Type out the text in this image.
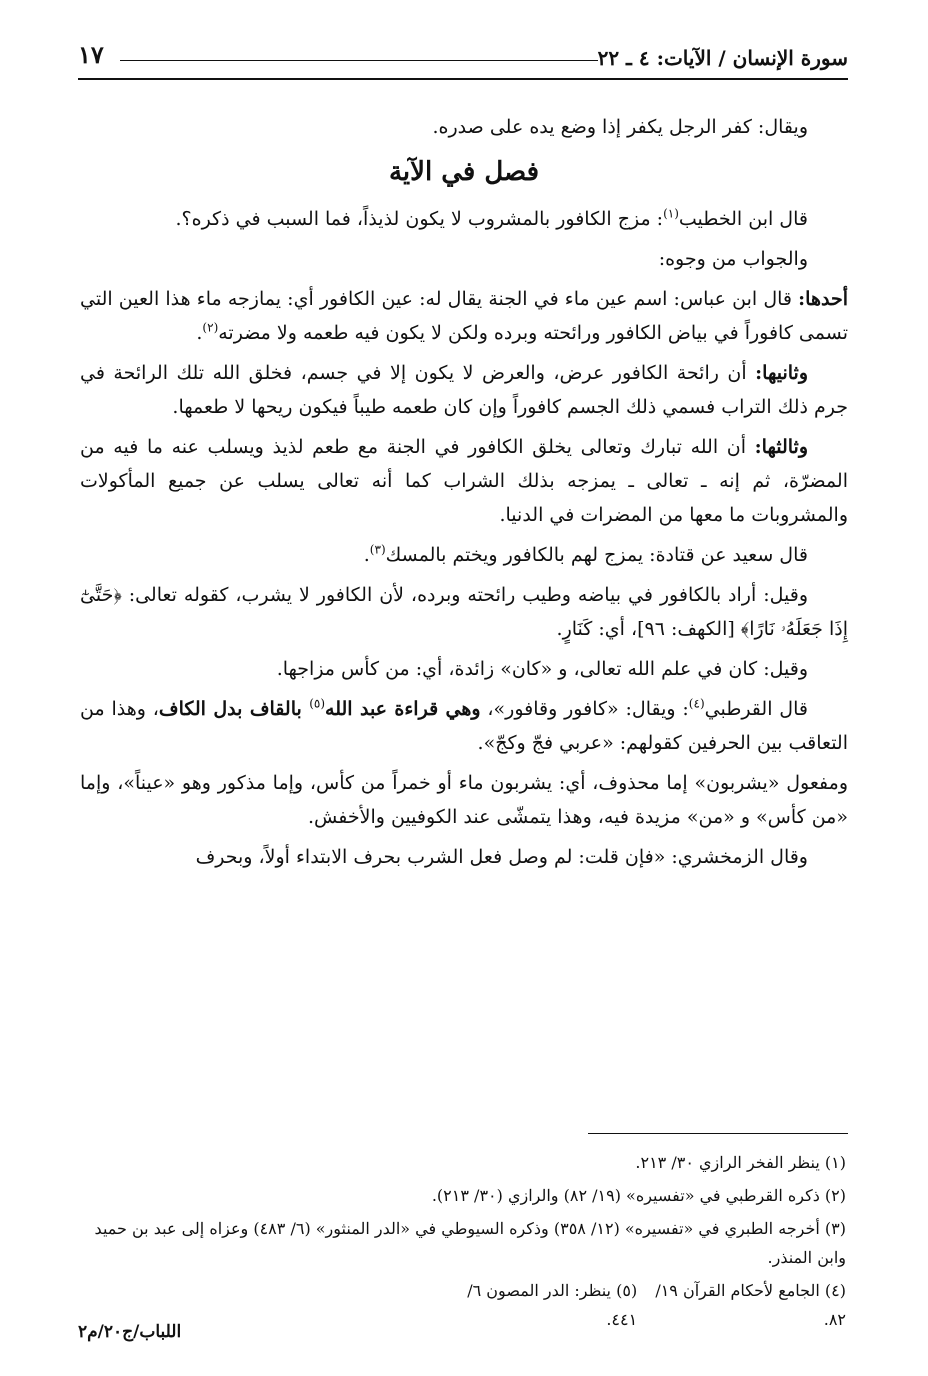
سورة الإنسان / الآيات: ٤ ـ ٢٢
١٧

ويقال: كفر الرجل يكفر إذا وضع يده على صدره.

فصل في الآية

قال ابن الخطيب$^{(١)}$: مزج الكافور بالمشروب لا يكون لذيذاً، فما السبب في ذكره؟.

والجواب من وجوه:

أحدها: قال ابن عباس: اسم عين ماء في الجنة يقال له: عين الكافور أي: يمازجه ماء هذا العين التي تسمى كافوراً في بياض الكافور ورائحته وبرده ولكن لا يكون فيه طعمه ولا مضرته$^{(٢)}$.

وثانيها: أن رائحة الكافور عرض، والعرض لا يكون إلا في جسم، فخلق الله تلك الرائحة في جرم ذلك التراب فسمي ذلك الجسم كافوراً وإن كان طعمه طيباً فيكون ريحها لا طعمها.

وثالثها: أن الله تبارك وتعالى يخلق الكافور في الجنة مع طعم لذيذ ويسلب عنه ما فيه من المضرّة، ثم إنه ـ تعالى ـ يمزجه بذلك الشراب كما أنه تعالى يسلب عن جميع المأكولات والمشروبات ما معها من المضرات في الدنيا.

قال سعيد عن قتادة: يمزج لهم بالكافور ويختم بالمسك$^{(٣)}$.

وقيل: أراد بالكافور في بياضه وطيب رائحته وبرده، لأن الكافور لا يشرب، كقوله تعالى: ﴿حَتَّىٰٓ إِذَا جَعَلَهُۥ نَارًا﴾ [الكهف: ٩٦]، أي: كَنَارٍ.

وقيل: كان في علم الله تعالى، و «كان» زائدة، أي: من كأس مزاجها.

قال القرطبي$^{(٤)}$: ويقال: «كافور وقافور»، وهي قراءة عبد الله$^{(٥)}$ بالقاف بدل الكاف، وهذا من التعاقب بين الحرفين كقولهم: «عربي فجّ وكجّ».

ومفعول «يشربون» إما محذوف، أي: يشربون ماء أو خمراً من كأس، وإما مذكور وهو «عيناً»، وإما «من كأس» و «من» مزيدة فيه، وهذا يتمشّى عند الكوفيين والأخفش.

وقال الزمخشري: «فإن قلت: لم وصل فعل الشرب بحرف الابتداء أولاً، وبحرف

(١) ينظر الفخر الرازي ٣٠/ ٢١٣.
(٢) ذكره القرطبي في «تفسيره» (١٩/ ٨٢) والرازي (٣٠/ ٢١٣).
(٣) أخرجه الطبري في «تفسيره» (١٢/ ٣٥٨) وذكره السيوطي في «الدر المنثور» (٦/ ٤٨٣) وعزاه إلى عبد بن حميد وابن المنذر.
(٤) الجامع لأحكام القرآن ١٩/ ٨٢.
(٥) ينظر: الدر المصون ٦/ ٤٤١.
اللباب/ج٢٠/م٢
